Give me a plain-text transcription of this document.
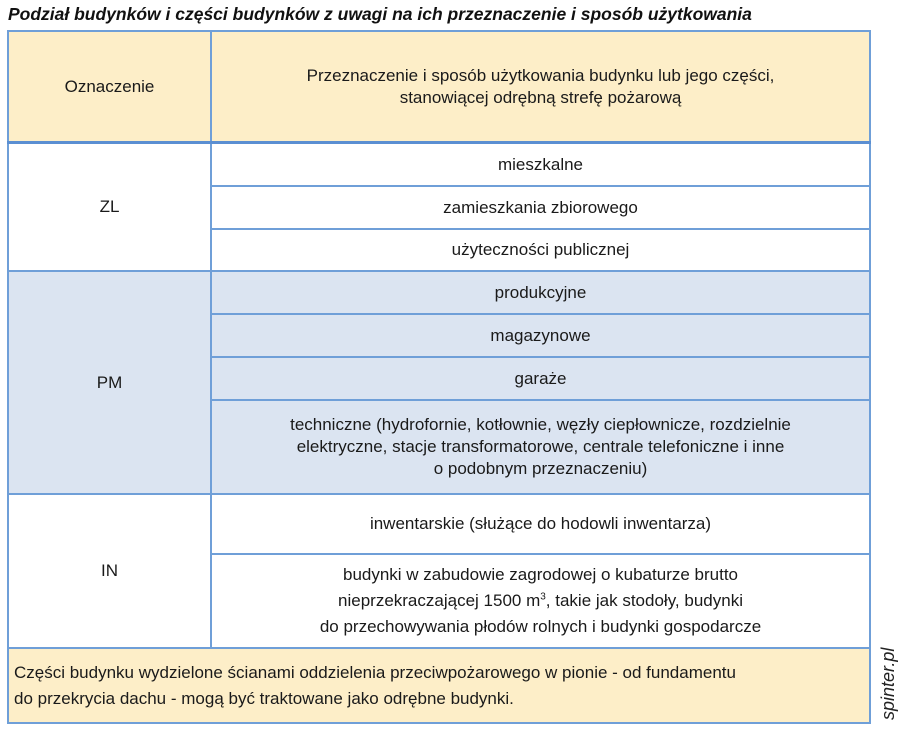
Podział budynków i części budynków z uwagi na ich przeznaczenie i sposób użytkowania
Oznaczenie
Przeznaczenie i sposób użytkowania budynku lub jego części,
stanowiącej odrębną strefę pożarową
ZL
mieszkalne
zamieszkania zbiorowego
użyteczności publicznej
PM
produkcyjne
magazynowe
garaże
techniczne (hydrofornie, kotłownie, węzły ciepłownicze, rozdzielnie
elektryczne, stacje transformatorowe, centrale telefoniczne i inne
o podobnym przeznaczeniu)
IN
inwentarskie (służące do hodowli inwentarza)
budynki w zabudowie zagrodowej o kubaturze brutto
nieprzekraczającej 1500 $m^3$, takie jak stodoły, budynki
do przechowywania płodów rolnych i budynki gospodarcze
Części budynku wydzielone ścianami oddzielenia przeciwpożarowego w pionie - od fundamentu
do przekrycia dachu - mogą być traktowane jako odrębne budynki.	spinter.pl
